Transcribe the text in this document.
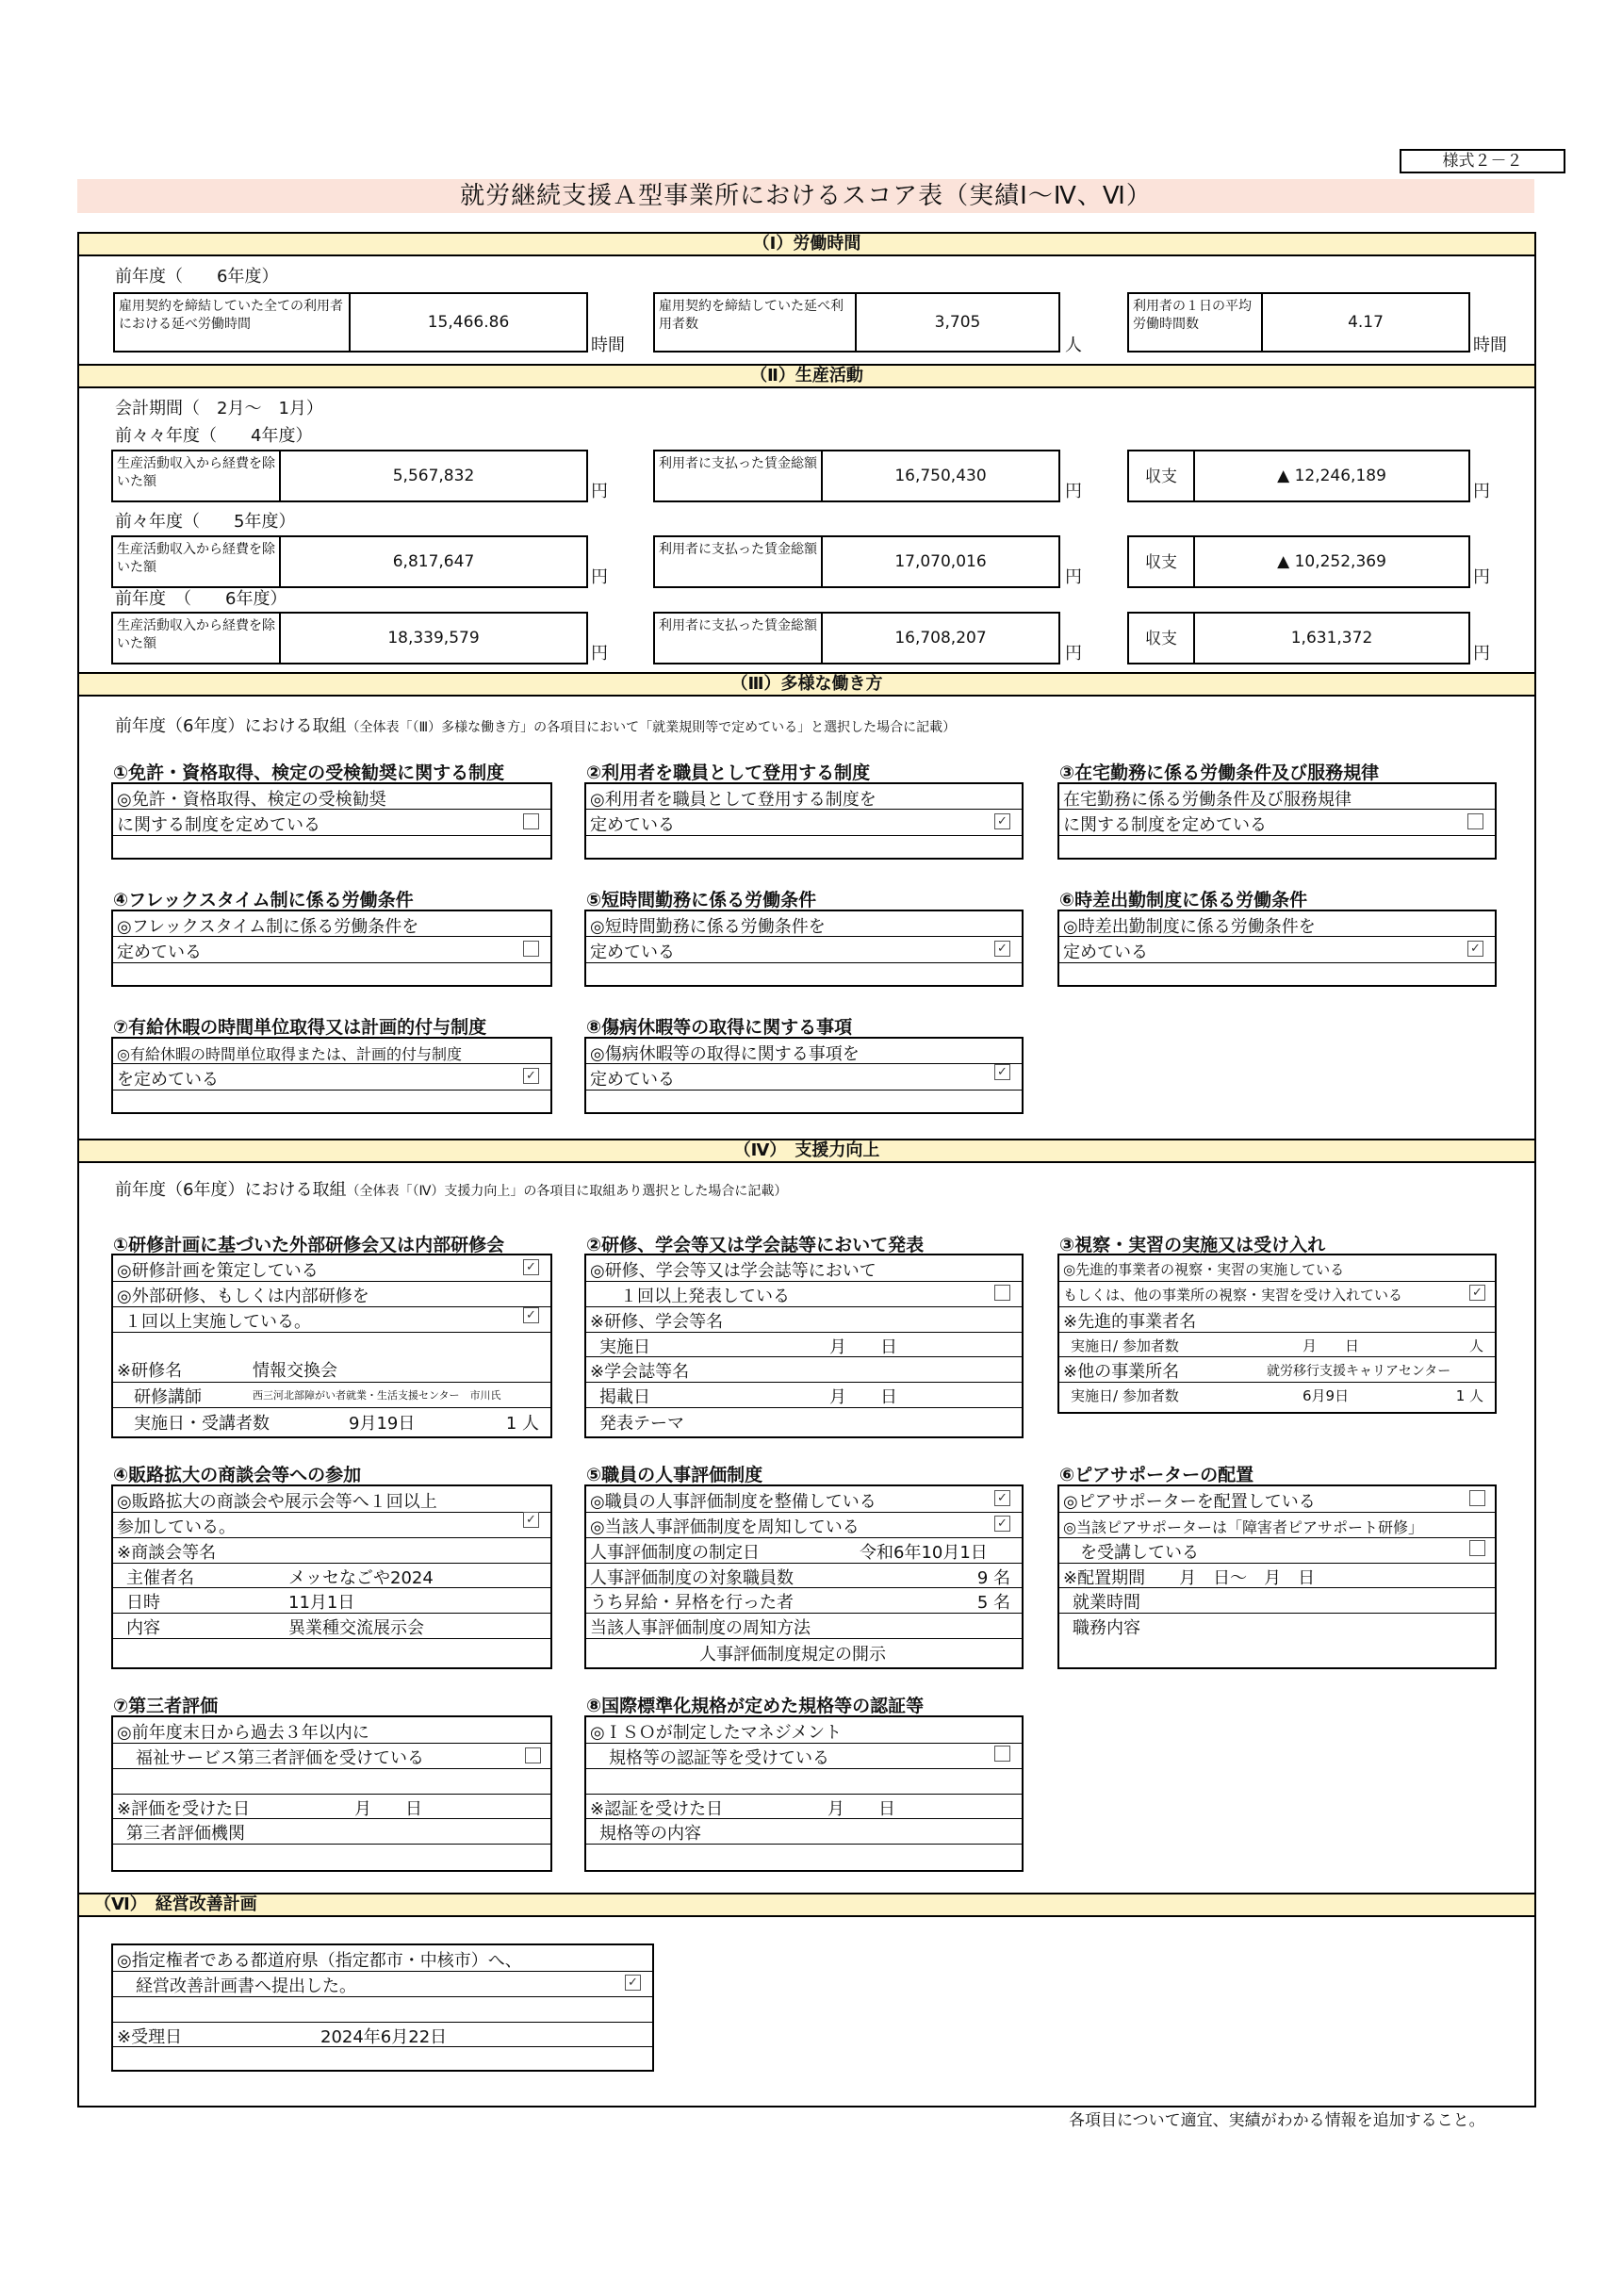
様式２－２
就労継続支援Ａ型事業所におけるスコア表（実績Ⅰ～Ⅳ、Ⅵ）
（Ⅰ）労働時間
前年度（　　6年度）
雇用契約を締結していた全ての利用者における延べ労働時間	15,466.86
時間
雇用契約を締結していた延べ利用者数	3,705
人
利用者の１日の平均労働時間数	4.17
時間
（Ⅱ）生産活動
会計期間（　2月～　1月）
前々々年度（　　4年度）
生産活動収入から経費を除いた額	5,567,832
円
利用者に支払った賃金総額
16,750,430
円
収支	▲ 12,246,189
円
前々年度（　　5年度）
生産活動収入から経費を除いた額	6,817,647
円
利用者に支払った賃金総額
17,070,016
円
収支	▲ 10,252,369
円
前年度　（　　6年度）
生産活動収入から経費を除いた額	18,339,579
円
利用者に支払った賃金総額
16,708,207
円
収支	1,631,372
円
（Ⅲ）多様な働き方
前年度（6年度）における取組（全体表「（Ⅲ）多様な働き方」の各項目において「就業規則等で定めている」と選択した場合に記載）
①免許・資格取得、検定の受検勧奨に関する制度
◎免許・資格取得、検定の受検勧奨
に関する制度を定めている
②利用者を職員として登用する制度
◎利用者を職員として登用する制度を
定めている	✓
③在宅勤務に係る労働条件及び服務規律
在宅勤務に係る労働条件及び服務規律
に関する制度を定めている
④フレックスタイム制に係る労働条件
◎フレックスタイム制に係る労働条件を
定めている
⑤短時間勤務に係る労働条件
◎短時間勤務に係る労働条件を
定めている	✓
⑥時差出勤制度に係る労働条件
◎時差出勤制度に係る労働条件を
定めている	✓
⑦有給休暇の時間単位取得又は計画的付与制度
◎有給休暇の時間単位取得または、計画的付与制度
を定めている	✓
⑧傷病休暇等の取得に関する事項
◎傷病休暇等の取得に関する事項を
定めている	✓
（Ⅳ）　支援力向上
前年度（6年度）における取組（全体表「（Ⅳ）支援力向上」の各項目に取組あり選択とした場合に記載）
①研修計画に基づいた外部研修会又は内部研修会
◎研修計画を策定している	✓
◎外部研修、もしくは内部研修を
１回以上実施している。	✓
※研修名	情報交換会
研修講師	西三河北部障がい者就業・生活支援センター　市川氏
実施日・受講者数	9月19日	1 人
②研修、学会等又は学会誌等において発表
◎研修、学会等又は学会誌等において
１回以上発表している
※研修、学会等名
実施日	月　　日
※学会誌等名
掲載日	月　　日
発表テーマ
③視察・実習の実施又は受け入れ
◎先進的事業者の視察・実習の実施している
もしくは、他の事業所の視察・実習を受け入れている	✓
※先進的事業者名
実施日/ 参加者数	月　　日	人
※他の事業所名	就労移行支援キャリアセンター
実施日/ 参加者数	6月9日	1 人
④販路拡大の商談会等への参加
◎販路拡大の商談会や展示会等へ１回以上
参加している。	✓
※商談会等名
主催者名	メッセなごや2024
日時	11月1日
内容	異業種交流展示会
⑤職員の人事評価制度
◎職員の人事評価制度を整備している	✓
◎当該人事評価制度を周知している	✓
人事評価制度の制定日	令和6年10月1日
人事評価制度の対象職員数	9 名
うち昇給・昇格を行った者	5 名
当該人事評価制度の周知方法
人事評価制度規定の開示
⑥ピアサポーターの配置
◎ピアサポーターを配置している
◎当該ピアサポーターは「障害者ピアサポート研修」
を受講している
※配置期間　　月　日～　月　日
就業時間
職務内容
⑦第三者評価
◎前年度末日から過去３年以内に
福祉サービス第三者評価を受けている
※評価を受けた日	月　　日
第三者評価機関
⑧国際標準化規格が定めた規格等の認証等
◎ＩＳＯが制定したマネジメント
規格等の認証等を受けている
※認証を受けた日	月　　日
規格等の内容
（Ⅵ）　経営改善計画
◎指定権者である都道府県（指定都市・中核市）へ、
経営改善計画書へ提出した。	✓
※受理日	2024年6月22日
各項目について適宜、実績がわかる情報を追加すること。
